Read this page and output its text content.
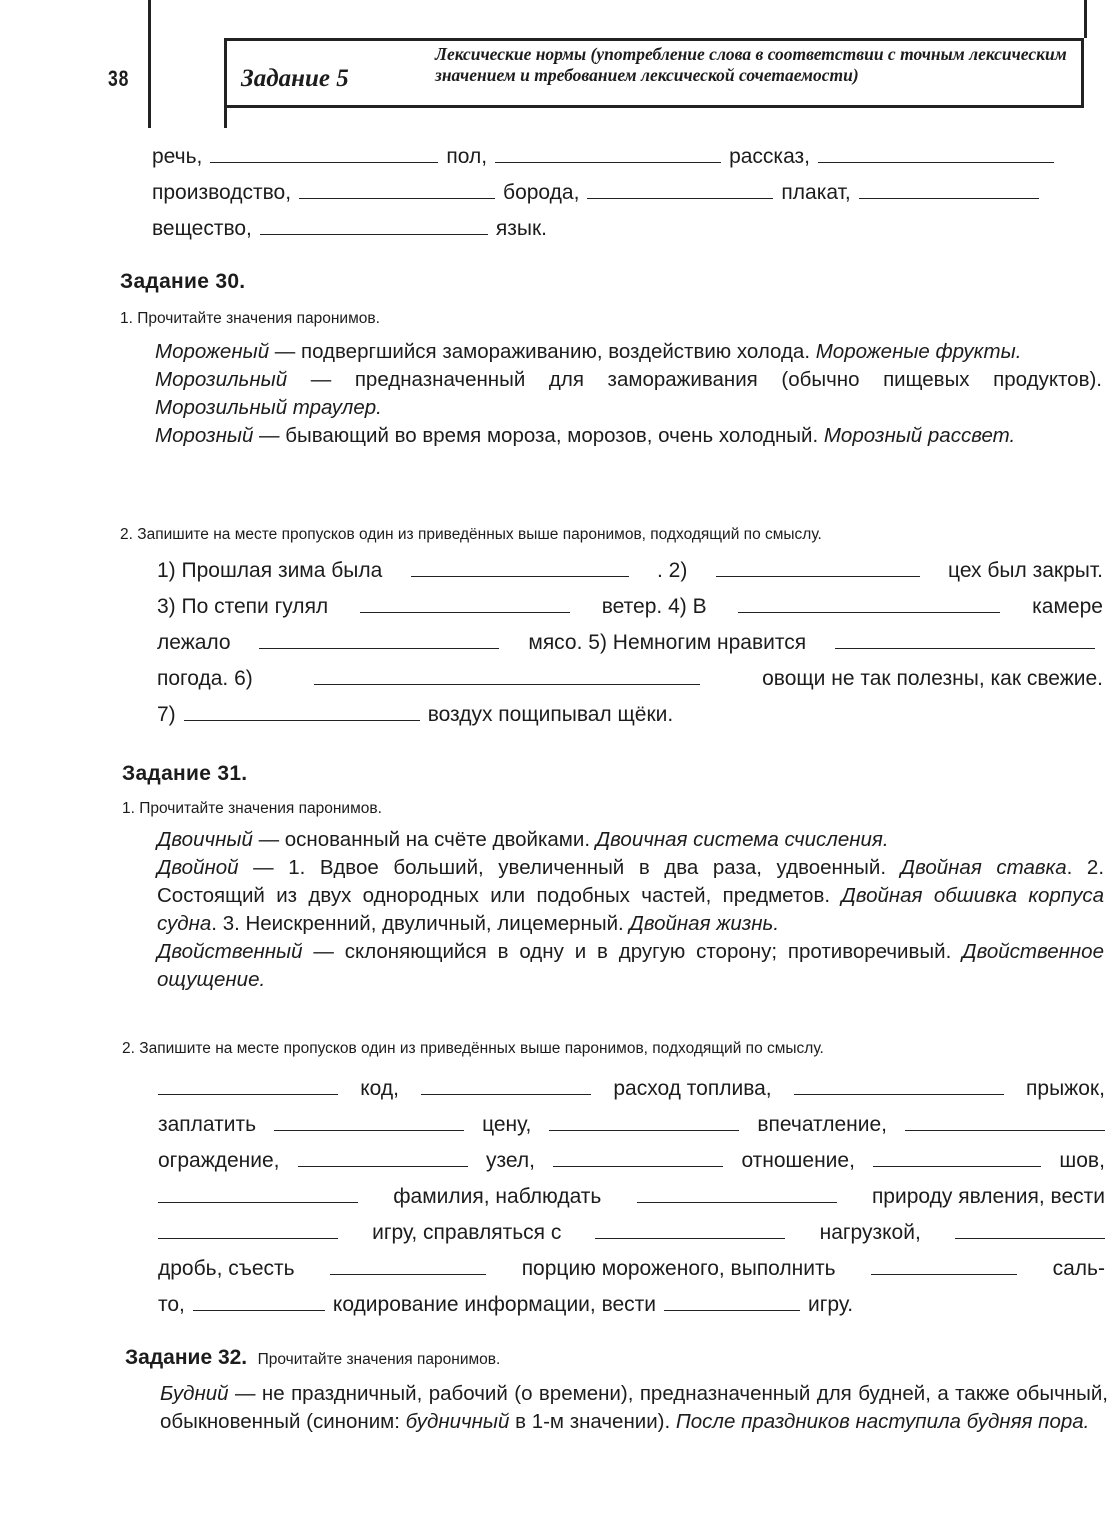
38	Задание 5
Лексические нормы (употребление слова в соответствии с точным лексическим значением и требованием лексической сочетаемости)
речь,	пол,	рассказ,
производство,	борода,	плакат,
вещество,	язык.
Задание 30.
1. Прочитайте значения паронимов.
Мороженый — подвергшийся замораживанию, воздействию холода. Мороженые фрукты.
Морозильный — предназначенный для замораживания (обычно пищевых продуктов). Морозильный траулер.
Морозный — бывающий во время мороза, морозов, очень холодный. Морозный рассвет.
2. Запишите на месте пропусков один из приведённых выше паронимов, подходящий по смыслу.
1) Прошлая зима была	. 2)	цех был закрыт.
3) По степи гулял	ветер. 4) В	камере
лежало	мясо. 5) Немногим нравится
погода. 6)	овощи не так полезны, как свежие.
7)	воздух пощипывал щёки.
Задание 31.
1. Прочитайте значения паронимов.
Двоичный — основанный на счёте двойками. Двоичная система счисления.
Двойной — 1. Вдвое больший, увеличенный в два раза, удвоенный. Двойная ставка. 2. Состоящий из двух однородных или подобных частей, предметов. Двойная обшивка корпуса судна. 3. Неискренний, двуличный, лицемерный. Двойная жизнь.
Двойственный — склоняющийся в одну и в другую сторону; противоречивый. Двойственное ощущение.
2. Запишите на месте пропусков один из приведённых выше паронимов, подходящий по смыслу.
код,	расход топлива,	прыжок,
заплатить	цену,	впечатление,
ограждение,	узел,	отношение,	шов,
фамилия, наблюдать	природу явления, вести
игру, справляться с	нагрузкой,
дробь, съесть	порцию мороженого, выполнить	саль-
то,	кодирование информации, вести	игру.
Задание 32. Прочитайте значения паронимов.
Будний — не праздничный, рабочий (о времени), предназначенный для будней, а также обычный, обыкновенный (синоним: будничный в 1-м значении). После праздников наступила будняя пора.
